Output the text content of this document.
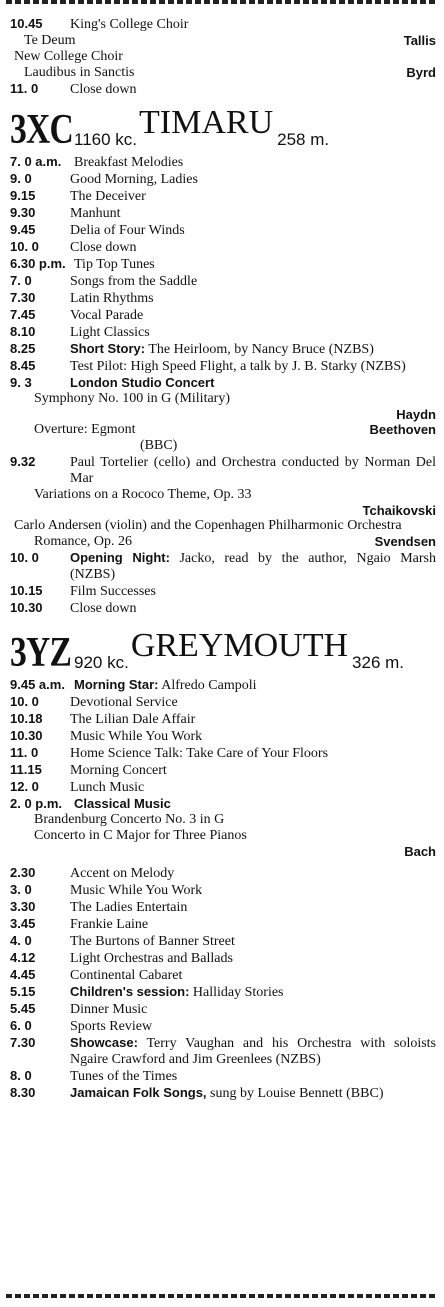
10.45	King's College Choir
Te Deum	Tallis
New College Choir
Laudibus in Sanctis	Byrd
11. 0	Close down
3XC 1160 kc. TIMARU 258 m.
7. 0 a.m. Breakfast Melodies
9. 0	Good Morning, Ladies
9.15	The Deceiver
9.30	Manhunt
9.45	Delia of Four Winds
10. 0	Close down
6.30 p.m. Tip Top Tunes
7. 0	Songs from the Saddle
7.30	Latin Rhythms
7.45	Vocal Parade
8.10	Light Classics
8.25	Short Story: The Heirloom, by Nancy Bruce (NZBS)
8.45	Test Pilot: High Speed Flight, a talk by J. B. Starky (NZBS)
9. 3	London Studio Concert
Symphony No. 100 in G (Military)
Haydn
Overture: Egmont	Beethoven
(BBC)
9.32	Paul Tortelier (cello) and Orchestra conducted by Norman Del Mar
Variations on a Rococo Theme, Op. 33
Tchaikovski
Carlo Andersen (violin) and the Copenhagen Philharmonic Orchestra
Romance, Op. 26	Svendsen
10. 0	Opening Night: Jacko, read by the author, Ngaio Marsh (NZBS)
10.15	Film Successes
10.30	Close down
3YZ 920 kc. GREYMOUTH 326 m.
9.45 a.m. Morning Star: Alfredo Campoli
10. 0	Devotional Service
10.18	The Lilian Dale Affair
10.30	Music While You Work
11. 0	Home Science Talk: Take Care of Your Floors
11.15	Morning Concert
12. 0	Lunch Music
2. 0 p.m. Classical Music
Brandenburg Concerto No. 3 in G
Concerto in C Major for Three Pianos
Bach
2.30	Accent on Melody
3. 0	Music While You Work
3.30	The Ladies Entertain
3.45	Frankie Laine
4. 0	The Burtons of Banner Street
4.12	Light Orchestras and Ballads
4.45	Continental Cabaret
5.15	Children's session: Halliday Stories
5.45	Dinner Music
6. 0	Sports Review
7.30	Showcase: Terry Vaughan and his Orchestra with soloists Ngaire Crawford and Jim Greenlees (NZBS)
8. 0	Tunes of the Times
8.30	Jamaican Folk Songs, sung by Louise Bennett (BBC)
